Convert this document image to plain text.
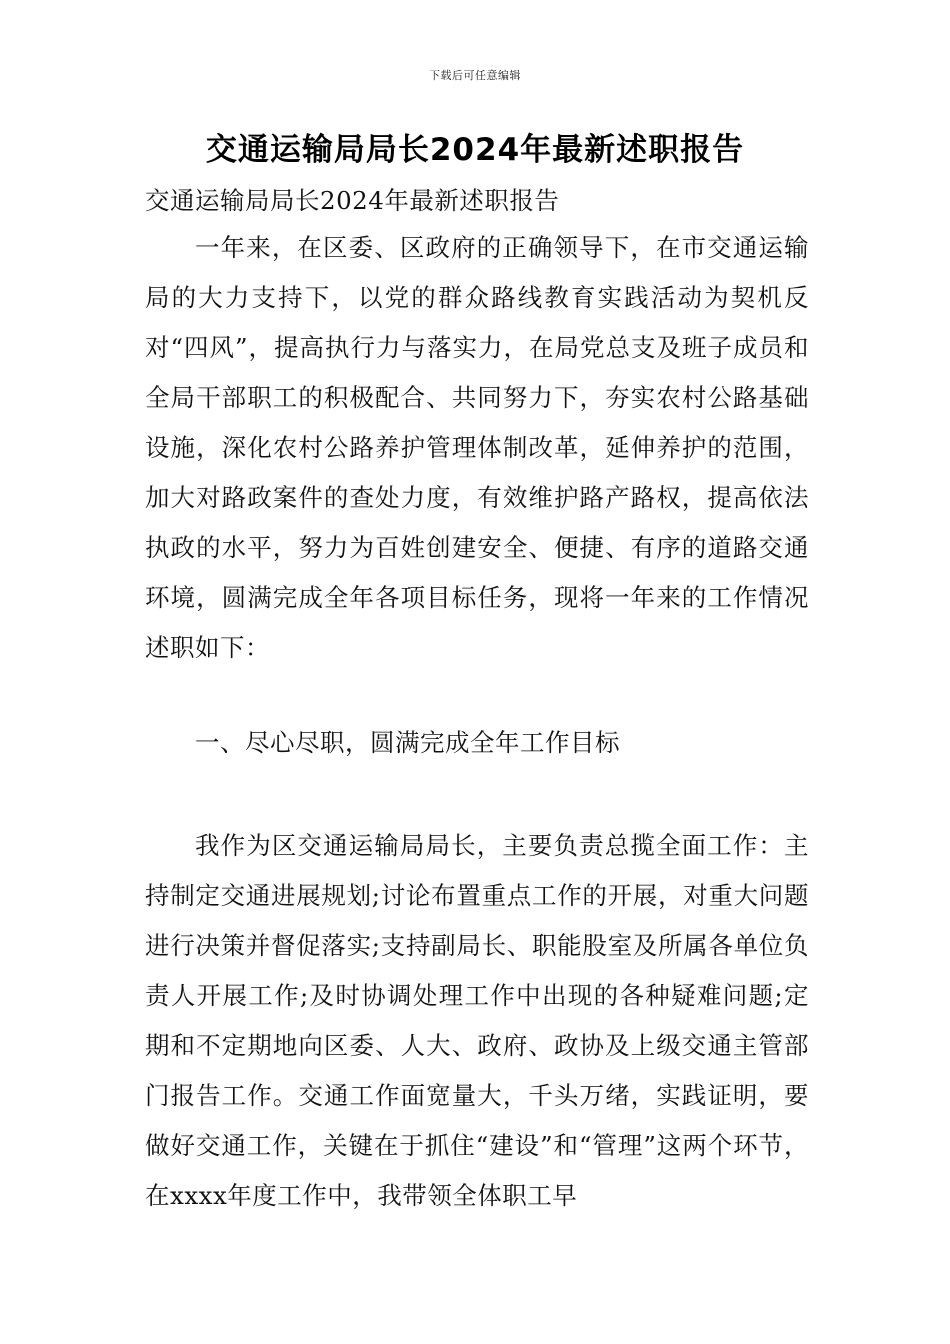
下载后可任意编辑
交通运输局局长2024年最新述职报告
交通运输局局长2024年最新述职报告
一年来，在区委、区政府的正确领导下，在市交通运输局的大力支持下，以党的群众路线教育实践活动为契机反对“四风”，提高执行力与落实力，在局党总支及班子成员和全局干部职工的积极配合、共同努力下，夯实农村公路基础设施，深化农村公路养护管理体制改革，延伸养护的范围，加大对路政案件的查处力度，有效维护路产路权，提高依法执政的水平，努力为百姓创建安全、便捷、有序的道路交通环境，圆满完成全年各项目标任务，现将一年来的工作情况述职如下：
一、尽心尽职，圆满完成全年工作目标
我作为区交通运输局局长，主要负责总揽全面工作：主持制定交通进展规划;讨论布置重点工作的开展，对重大问题进行决策并督促落实;支持副局长、职能股室及所属各单位负责人开展工作;及时协调处理工作中出现的各种疑难问题;定期和不定期地向区委、人大、政府、政协及上级交通主管部门报告工作。交通工作面宽量大，千头万绪，实践证明，要做好交通工作，关键在于抓住“建设”和“管理”这两个环节，在xxxx年度工作中，我带领全体职工早
